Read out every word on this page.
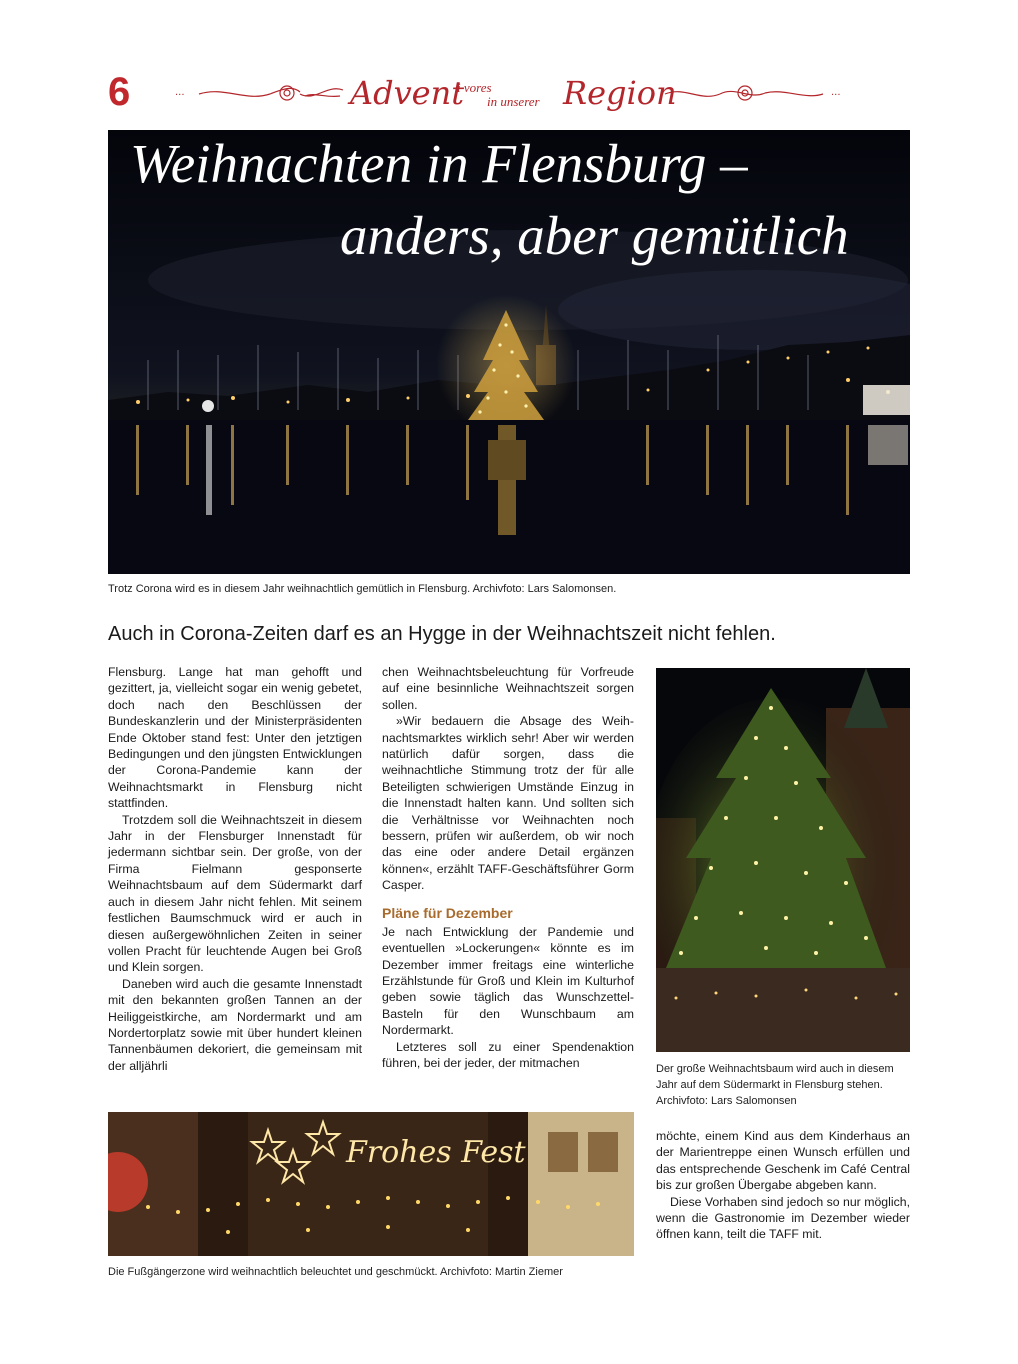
6	···	···
Advent
i vores
in unserer Region
Weihnachten in Flensburg –
anders, aber gemütlich
Trotz Corona wird es in diesem Jahr weihnachtlich gemütlich in Flensburg. Archivfoto: Lars Salomonsen.
Auch in Corona-Zeiten darf es an Hygge in der Weihnachtszeit nicht fehlen.

Flensburg. Lange hat man gehofft und gezittert, ja, vielleicht sogar ein wenig gebetet, doch nach den Beschlüssen der Bundeskanzlerin und der Ministerpräsidenten Ende Oktober stand fest: Unter den jetztigen Bedingungen und den jüngsten Entwicklungen der Corona-Pandemie kann der Weihnachtsmarkt in Flensburg nicht stattfinden.

Trotzdem soll die Weihnachtszeit in diesem Jahr in der Flensburger Innenstadt für jedermann sichtbar sein. Der große, von der Firma Fielmann gesponserte Weihnachtsbaum auf dem Südermarkt darf auch in diesem Jahr nicht fehlen. Mit seinem festlichen Baumschmuck wird er auch in diesen außergewöhnlichen Zeiten in seiner vollen Pracht für leuchtende Augen bei Groß und Klein sorgen.

Daneben wird auch die gesamte Innenstadt mit den bekannten großen Tannen an der Heiliggeistkirche, am Nordermarkt und am Nordertorplatz sowie mit über hundert kleinen Tannenbäumen dekoriert, die gemeinsam mit der alljährli

chen Weihnachtsbeleuchtung für Vorfreude auf eine besinnliche Weihnachtszeit sorgen sollen.

»Wir bedauern die Absage des Weihnachtsmarktes wirklich sehr! Aber wir werden natürlich dafür sorgen, dass die weihnachtliche Stimmung trotz der für alle Beteiligten schwierigen Umstände Einzug in die Innenstadt halten kann. Und sollten sich die Verhältnisse vor Weihnachten noch bessern, prüfen wir außerdem, ob wir noch das eine oder andere Detail ergänzen können«, erzählt TAFF-Geschäftsführer Gorm Casper.

Pläne für Dezember

Je nach Entwicklung der Pandemie und eventuellen »Lockerungen« könnte es im Dezember immer freitags eine winterliche Erzählstunde für Groß und Klein im Kulturhof geben sowie täglich das Wunschzettel-Basteln für den Wunschbaum am Nordermarkt.

Letzteres soll zu einer Spendenaktion führen, bei der jeder, der mitmachen	Der große Weihnachtsbaum wird auch in diesem Jahr auf dem Südermarkt in Flensburg stehen. Archivfoto: Lars Salomonsen
Frohes Fest
Die Fußgängerzone wird weihnachtlich beleuchtet und geschmückt. Archivfoto: Martin Ziemer

möchte, einem Kind aus dem Kinderhaus an der Marientreppe einen Wunsch erfüllen und das entsprechende Geschenk im Café Central bis zur großen Übergabe abgeben kann.

Diese Vorhaben sind jedoch so nur möglich, wenn die Gastronomie im Dezember wieder öffnen kann, teilt die TAFF mit.
